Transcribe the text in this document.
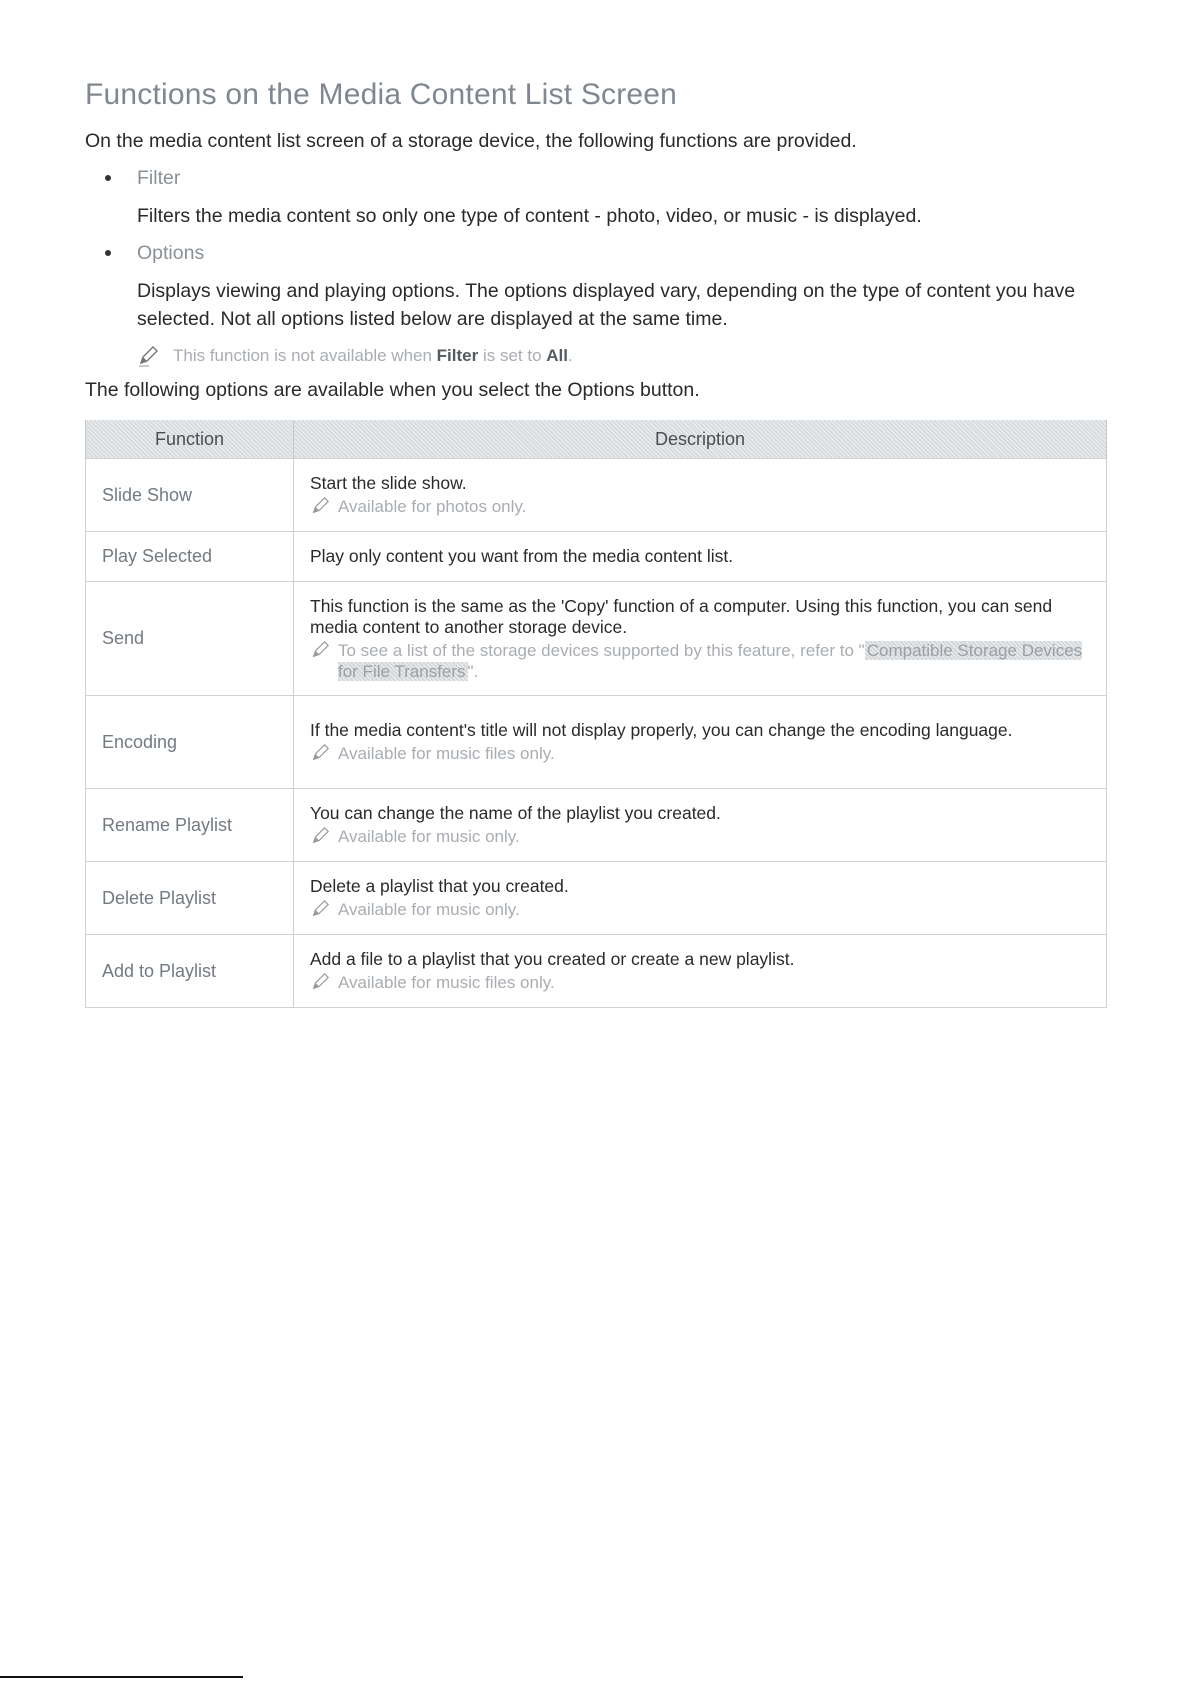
Functions on the Media Content List Screen

On the media content list screen of a storage device, the following functions are provided.

Filter
Filters the media content so only one type of content - photo, video, or music - is displayed.
Options
Displays viewing and playing options. The options displayed vary, depending on the type of content you have selected. Not all options listed below are displayed at the same time.
This function is not available when Filter is set to All.

The following options are available when you select the Options button.

Function	Description
Slide Show	Start the slide show.

Available for photos only.

Play Selected	Play only content you want from the media content list.

Send	This function is the same as the 'Copy' function of a computer. Using this function, you can send media content to another storage device.

To see a list of the storage devices supported by this feature, refer to " Compatible Storage Devices for File Transfers ".

Encoding	If the media content's title will not display properly, you can change the encoding language.

Available for music files only.

Rename Playlist	You can change the name of the playlist you created.

Available for music only.

Delete Playlist	Delete a playlist that you created.

Available for music only.

Add to Playlist	Add a file to a playlist that you created or create a new playlist.

Available for music files only.
